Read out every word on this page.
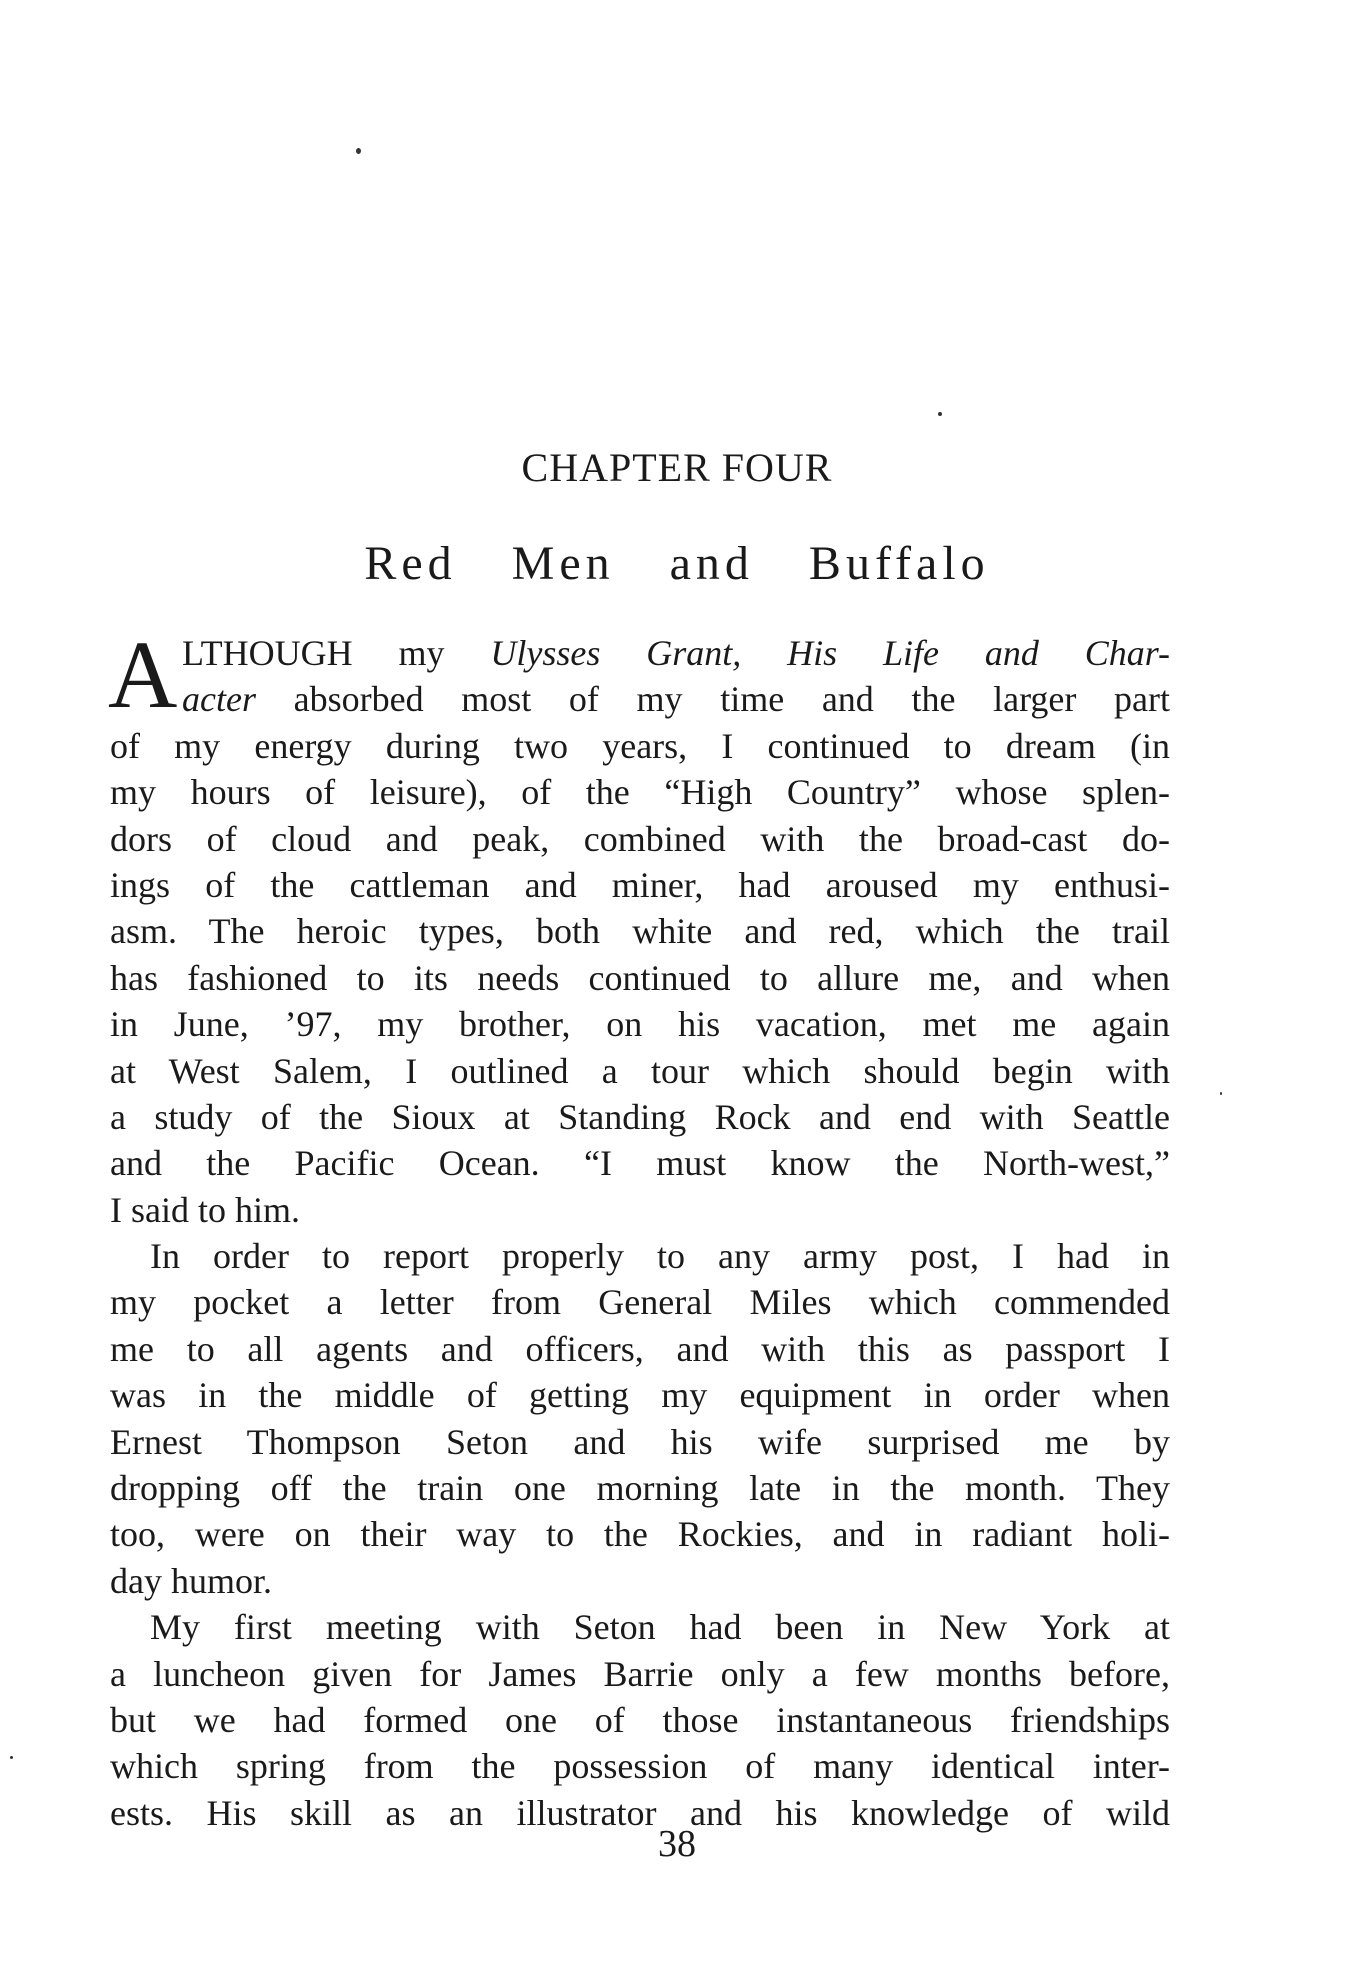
CHAPTER FOUR
Red Men and Buffalo
A LTHOUGH my Ulysses Grant, His Life and Char-
acter absorbed most of my time and the larger part
of my energy during two years, I continued to dream (in
my hours of leisure), of the “High Country” whose splen-
dors of cloud and peak, combined with the broad-cast do-
ings of the cattleman and miner, had aroused my enthusi-
asm. The heroic types, both white and red, which the trail
has fashioned to its needs continued to allure me, and when
in June, ’97, my brother, on his vacation, met me again
at West Salem, I outlined a tour which should begin with
a study of the Sioux at Standing Rock and end with Seattle
and the Pacific Ocean. “I must know the North-west,”
I said to him.
In order to report properly to any army post, I had in
my pocket a letter from General Miles which commended
me to all agents and officers, and with this as passport I
was in the middle of getting my equipment in order when
Ernest Thompson Seton and his wife surprised me by
dropping off the train one morning late in the month. They
too, were on their way to the Rockies, and in radiant holi-
day humor.
My first meeting with Seton had been in New York at
a luncheon given for James Barrie only a few months before,
but we had formed one of those instantaneous friendships
which spring from the possession of many identical inter-
ests. His skill as an illustrator and his knowledge of wild
38
